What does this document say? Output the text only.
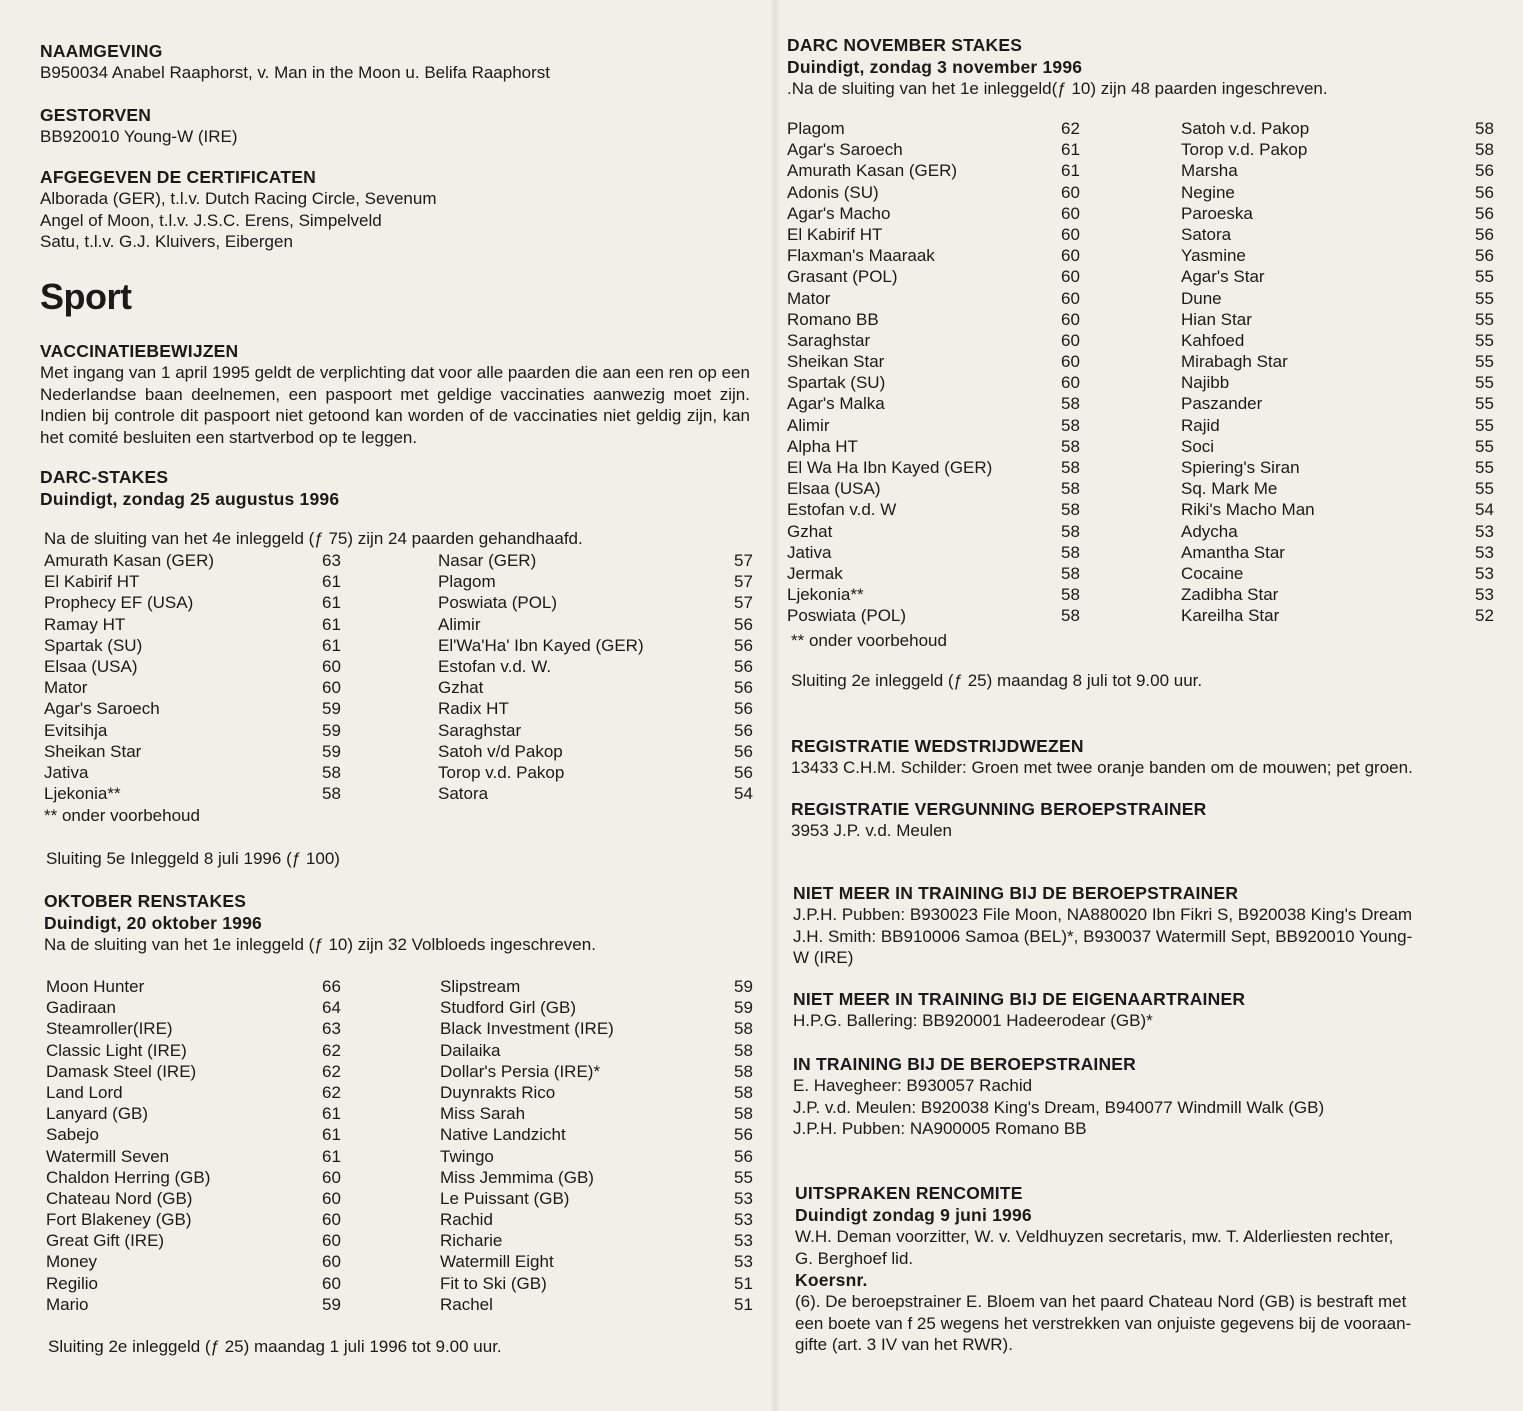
NAAMGEVING
B950034 Anabel Raaphorst, v. Man in the Moon u. Belifa Raaphorst
GESTORVEN
BB920010 Young-W (IRE)
AFGEGEVEN DE CERTIFICATEN
Alborada (GER), t.l.v. Dutch Racing Circle, Sevenum
Angel of Moon, t.l.v. J.S.C. Erens, Simpelveld
Satu, t.l.v. G.J. Kluivers, Eibergen
Sport
VACCINATIEBEWIJZEN
Met ingang van 1 april 1995 geldt de verplichting dat voor alle paarden die aan een ren op een Nederlandse baan deelnemen, een paspoort met geldige vaccinaties aanwezig moet zijn. Indien bij controle dit paspoort niet getoond kan worden of de vaccinaties niet geldig zijn, kan het comité besluiten een startverbod op te leggen.
DARC-STAKES
Duindigt, zondag 25 augustus 1996
Na de sluiting van het 4e inleggeld (ƒ 75) zijn 24 paarden gehandhaafd.
Amurath Kasan (GER)	63	Nasar (GER)	57
El Kabirif HT	61	Plagom	57
Prophecy EF (USA)	61	Poswiata (POL)	57
Ramay HT	61	Alimir	56
Spartak (SU)	61	El'Wa'Ha' Ibn Kayed (GER)	56
Elsaa (USA)	60	Estofan v.d. W.	56
Mator	60	Gzhat	56
Agar's Saroech	59	Radix HT	56
Evitsihja	59	Saraghstar	56
Sheikan Star	59	Satoh v/d Pakop	56
Jativa	58	Torop v.d. Pakop	56
Ljekonia**	58	Satora	54
** onder voorbehoud
Sluiting 5e Inleggeld 8 juli 1996 (ƒ 100)
OKTOBER RENSTAKES
Duindigt, 20 oktober 1996
Na de sluiting van het 1e inleggeld (ƒ 10) zijn 32 Volbloeds ingeschreven.
Moon Hunter	66	Slipstream	59
Gadiraan	64	Studford Girl (GB)	59
Steamroller(IRE)	63	Black Investment (IRE)	58
Classic Light (IRE)	62	Dailaika	58
Damask Steel (IRE)	62	Dollar's Persia (IRE)*	58
Land Lord	62	Duynrakts Rico	58
Lanyard (GB)	61	Miss Sarah	58
Sabejo	61	Native Landzicht	56
Watermill Seven	61	Twingo	56
Chaldon Herring (GB)	60	Miss Jemmima (GB)	55
Chateau Nord (GB)	60	Le Puissant (GB)	53
Fort Blakeney (GB)	60	Rachid	53
Great Gift (IRE)	60	Richarie	53
Money	60	Watermill Eight	53
Regilio	60	Fit to Ski (GB)	51
Mario	59	Rachel	51
Sluiting 2e inleggeld (ƒ 25) maandag 1 juli 1996 tot 9.00 uur.
DARC NOVEMBER STAKES
Duindigt, zondag 3 november 1996
.Na de sluiting van het 1e inleggeld(ƒ 10) zijn 48 paarden ingeschreven.
Plagom	62	Satoh v.d. Pakop	58
Agar's Saroech	61	Torop v.d. Pakop	58
Amurath Kasan (GER)	61	Marsha	56
Adonis (SU)	60	Negine	56
Agar's Macho	60	Paroeska	56
El Kabirif HT	60	Satora	56
Flaxman's Maaraak	60	Yasmine	56
Grasant (POL)	60	Agar's Star	55
Mator	60	Dune	55
Romano BB	60	Hian Star	55
Saraghstar	60	Kahfoed	55
Sheikan Star	60	Mirabagh Star	55
Spartak (SU)	60	Najibb	55
Agar's Malka	58	Paszander	55
Alimir	58	Rajid	55
Alpha HT	58	Soci	55
El Wa Ha Ibn Kayed (GER)	58	Spiering's Siran	55
Elsaa (USA)	58	Sq. Mark Me	55
Estofan v.d. W	58	Riki's Macho Man	54
Gzhat	58	Adycha	53
Jativa	58	Amantha Star	53
Jermak	58	Cocaine	53
Ljekonia**	58	Zadibha Star	53
Poswiata (POL)	58	Kareilha Star	52
** onder voorbehoud
Sluiting 2e inleggeld (ƒ 25) maandag 8 juli tot 9.00 uur.
REGISTRATIE WEDSTRIJDWEZEN
13433 C.H.M. Schilder: Groen met twee oranje banden om de mouwen; pet groen.
REGISTRATIE VERGUNNING BEROEPSTRAINER
3953 J.P. v.d. Meulen
NIET MEER IN TRAINING BIJ DE BEROEPSTRAINER
J.P.H. Pubben: B930023 File Moon, NA880020 Ibn Fikri S, B920038 King's Dream
J.H. Smith: BB910006 Samoa (BEL)*, B930037 Watermill Sept, BB920010 Young-
W (IRE)
NIET MEER IN TRAINING BIJ DE EIGENAARTRAINER
H.P.G. Ballering: BB920001 Hadeerodear (GB)*
IN TRAINING BIJ DE BEROEPSTRAINER
E. Havegheer: B930057 Rachid
J.P. v.d. Meulen: B920038 King's Dream, B940077 Windmill Walk (GB)
J.P.H. Pubben: NA900005 Romano BB
UITSPRAKEN RENCOMITE
Duindigt zondag 9 juni 1996
W.H. Deman voorzitter, W. v. Veldhuyzen secretaris, mw. T. Alderliesten rechter,
G. Berghoef lid.
Koersnr.
(6). De beroepstrainer E. Bloem van het paard Chateau Nord (GB) is bestraft met
een boete van f 25 wegens het verstrekken van onjuiste gegevens bij de vooraan-
gifte (art. 3 IV van het RWR).
